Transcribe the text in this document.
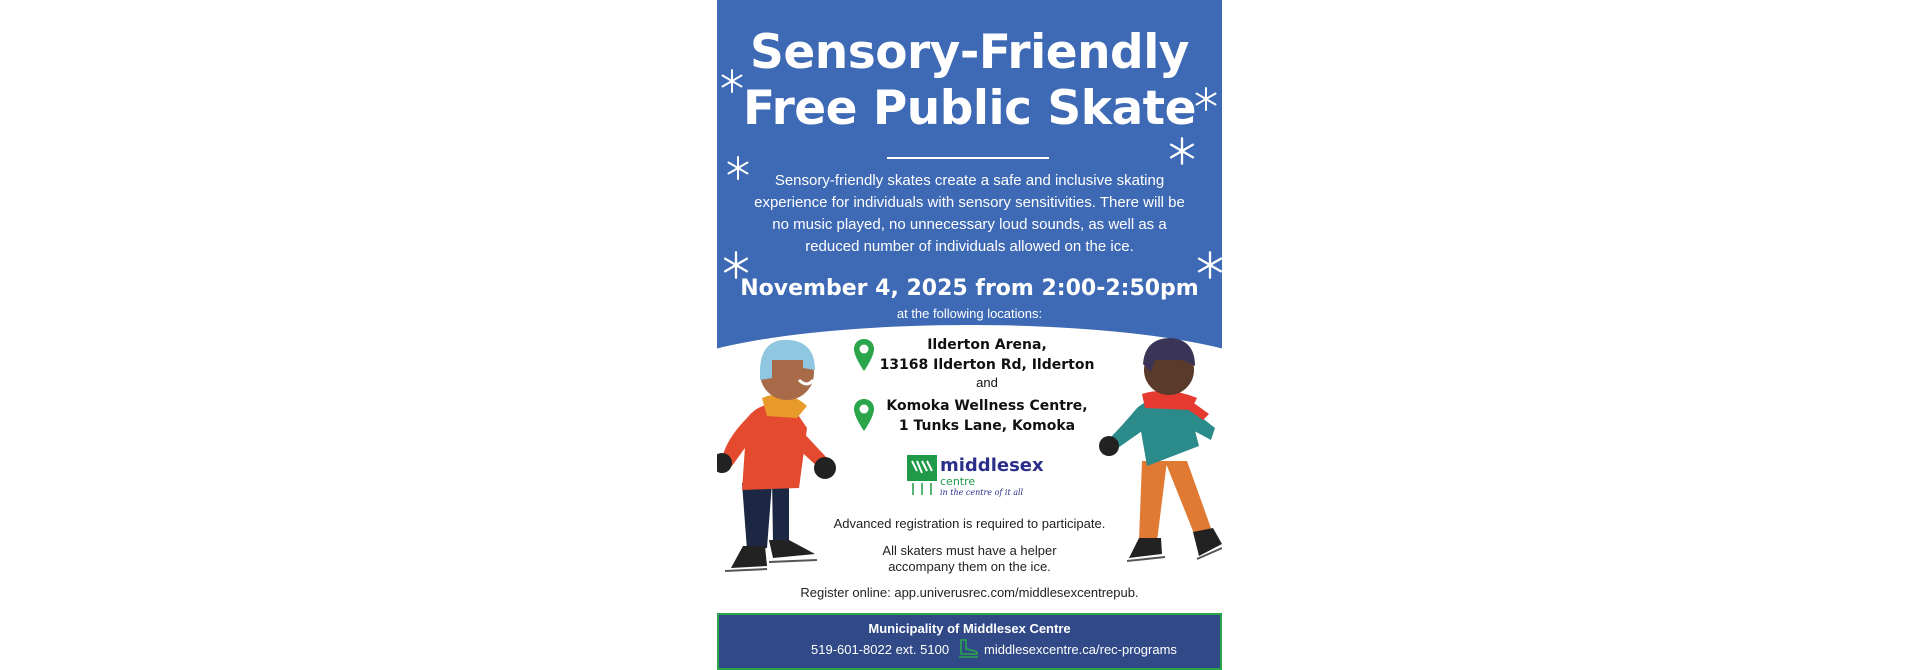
Sensory-Friendly
Free Public Skate
Sensory-friendly skates create a safe and inclusive skating experience for individuals with sensory sensitivities. There will be no music played, no unnecessary loud sounds, as well as a reduced number of individuals allowed on the ice.
November 4, 2025 from 2:00-2:50pm
at the following locations:
Ilderton Arena,
13168 Ilderton Rd, Ilderton
and
Komoka Wellness Centre,
1 Tunks Lane, Komoka
middlesex
centre
in the centre of it all
Advanced registration is required to participate.
All skaters must have a helper
accompany them on the ice.
Register online: app.univerusrec.com/middlesexcentrepub.
Municipality of Middlesex Centre
519-601-8022 ext. 5100	middlesexcentre.ca/rec-programs
